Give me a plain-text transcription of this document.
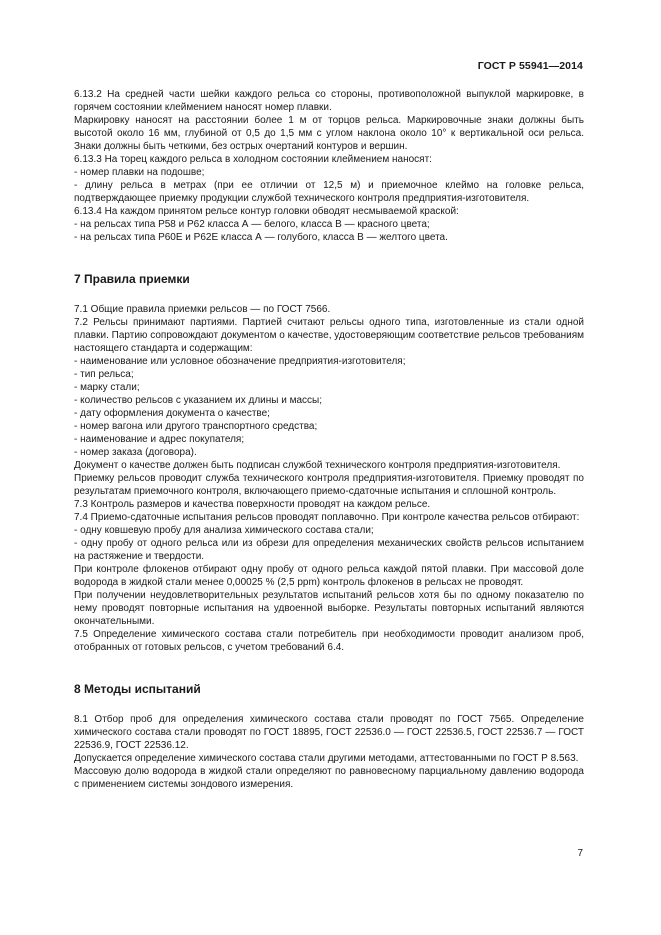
ГОСТ Р 55941—2014

6.13.2 На средней части шейки каждого рельса со стороны, противоположной выпуклой маркировке, в горячем состоянии клеймением наносят номер плавки.

Маркировку наносят на расстоянии более 1 м от торцов рельса. Маркировочные знаки должны быть высотой около 16 мм, глубиной от 0,5 до 1,5 мм с углом наклона около 10° к вертикальной оси рельса. Знаки должны быть четкими, без острых очертаний контуров и вершин.

6.13.3 На торец каждого рельса в холодном состоянии клеймением наносят:

- номер плавки на подошве;

- длину рельса в метрах (при ее отличии от 12,5 м) и приемочное клеймо на головке рельса, подтверждающее приемку продукции службой технического контроля предприятия-изготовителя.

6.13.4 На каждом принятом рельсе контур головки обводят несмываемой краской:

- на рельсах типа Р58 и Р62 класса А — белого, класса В — красного цвета;

- на рельсах типа Р60Е и Р62Е класса А — голубого, класса В — желтого цвета.

7 Правила приемки

7.1 Общие правила приемки рельсов — по ГОСТ 7566.

7.2 Рельсы принимают партиями. Партией считают рельсы одного типа, изготовленные из стали одной плавки. Партию сопровождают документом о качестве, удостоверяющим соответствие рельсов требованиям настоящего стандарта и содержащим:

- наименование или условное обозначение предприятия-изготовителя;

- тип рельса;

- марку стали;

- количество рельсов с указанием их длины и массы;

- дату оформления документа о качестве;

- номер вагона или другого транспортного средства;

- наименование и адрес покупателя;

- номер заказа (договора).

Документ о качестве должен быть подписан службой технического контроля предприятия-изготовителя.

Приемку рельсов проводит служба технического контроля предприятия-изготовителя. Приемку проводят по результатам приемочного контроля, включающего приемо-сдаточные испытания и сплошной контроль.

7.3 Контроль размеров и качества поверхности проводят на каждом рельсе.

7.4 Приемо-сдаточные испытания рельсов проводят поплавочно. При контроле качества рельсов отбирают:

- одну ковшевую пробу для анализа химического состава стали;

- одну пробу от одного рельса или из обрези для определения механических свойств рельсов испытанием на растяжение и твердости.

При контроле флокенов отбирают одну пробу от одного рельса каждой пятой плавки. При массовой доле водорода в жидкой стали менее 0,00025 % (2,5 ppm) контроль флокенов в рельсах не проводят.

При получении неудовлетворительных результатов испытаний рельсов хотя бы по одному показателю по нему проводят повторные испытания на удвоенной выборке. Результаты повторных испытаний являются окончательными.

7.5 Определение химического состава стали потребитель при необходимости проводит анализом проб, отобранных от готовых рельсов, с учетом требований 6.4.

8 Методы испытаний

8.1 Отбор проб для определения химического состава стали проводят по ГОСТ 7565. Определение химического состава стали проводят по ГОСТ 18895, ГОСТ 22536.0 — ГОСТ 22536.5, ГОСТ 22536.7 — ГОСТ 22536.9, ГОСТ 22536.12.

Допускается определение химического состава стали другими методами, аттестованными по ГОСТ Р 8.563.

Массовую долю водорода в жидкой стали определяют по равновесному парциальному давлению водорода с применением системы зондового измерения.

7
